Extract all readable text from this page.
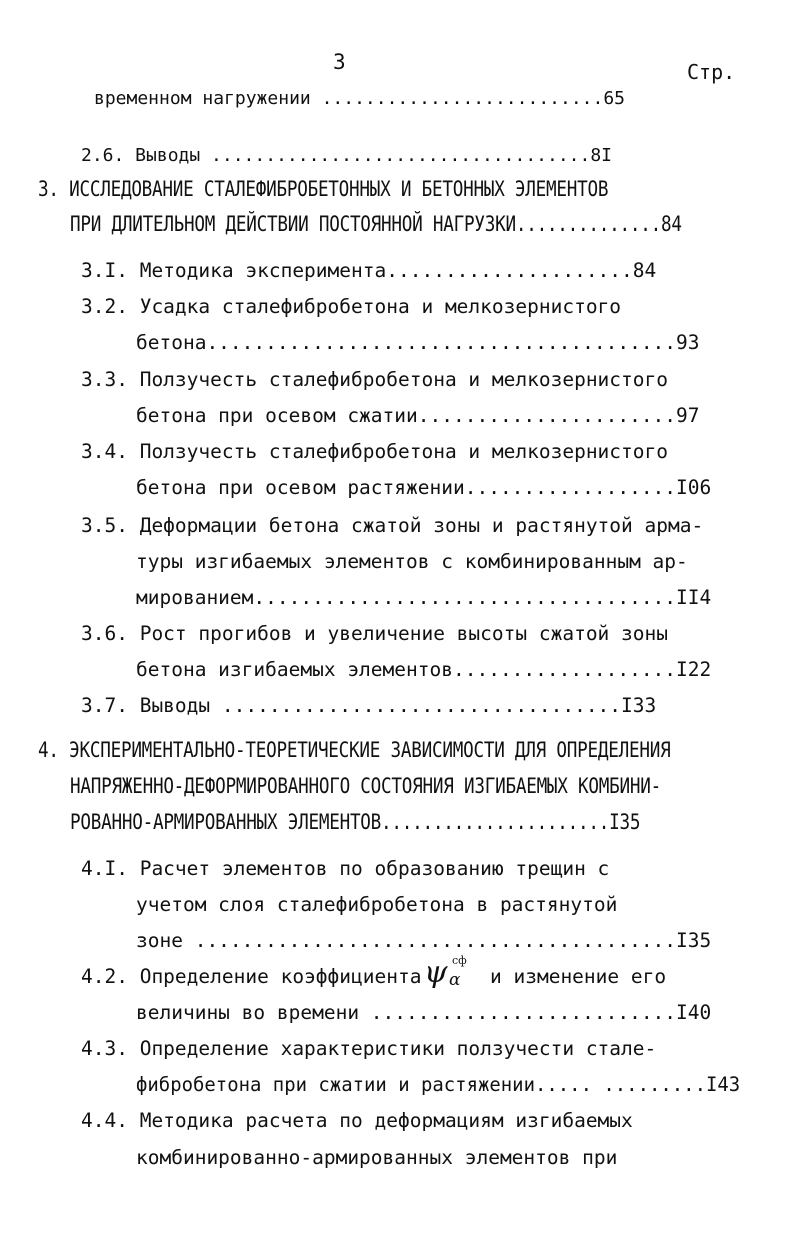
3	Стр.
временном нагружении ..........................65
2.6. Выводы ...................................8I
3. ИССЛЕДОВАНИЕ СТАЛЕФИБРОБЕТОННЫХ И БЕТОННЫХ ЭЛЕМЕНТОВ
ПРИ ДЛИТЕЛЬНОМ ДЕЙСТВИИ ПОСТОЯННОЙ НАГРУЗКИ..............84
3.I. Методика эксперимента.....................84
3.2. Усадка сталефибробетона и мелкозернистого
бетона........................................93
3.3. Ползучесть сталефибробетона и мелкозернистого
бетона при осевом сжатии......................97
3.4. Ползучесть сталефибробетона и мелкозернистого
бетона при осевом растяжении..................I06
3.5. Деформации бетона сжатой зоны и растянутой арма-
туры изгибаемых элементов с комбинированным ар-
мированием....................................II4
3.6. Рост прогибов и увеличение высоты сжатой зоны
бетона изгибаемых элементов...................I22
3.7. Выводы ..................................I33
4. ЭКСПЕРИМЕНТАЛЬНО-ТЕОРЕТИЧЕСКИЕ ЗАВИСИМОСТИ ДЛЯ ОПРЕДЕЛЕНИЯ
НАПРЯЖЕННО-ДЕФОРМИРОВАННОГО СОСТОЯНИЯ ИЗГИБАЕМЫХ КОМБИНИ-
РОВАННО-АРМИРОВАННЫХ ЭЛЕМЕНТОВ......................I35
4.I. Расчет элементов по образованию трещин с
учетом слоя сталефибробетона в растянутой
зоне .........................................I35
4.2. Определение коэффициента ψ сф
α и изменение его
величины во времени ..........................I40
4.3. Определение характеристики ползучести стале-
фибробетона при сжатии и растяжении..... .........I43
4.4. Методика расчета по деформациям изгибаемых
комбинированно-армированных элементов при
